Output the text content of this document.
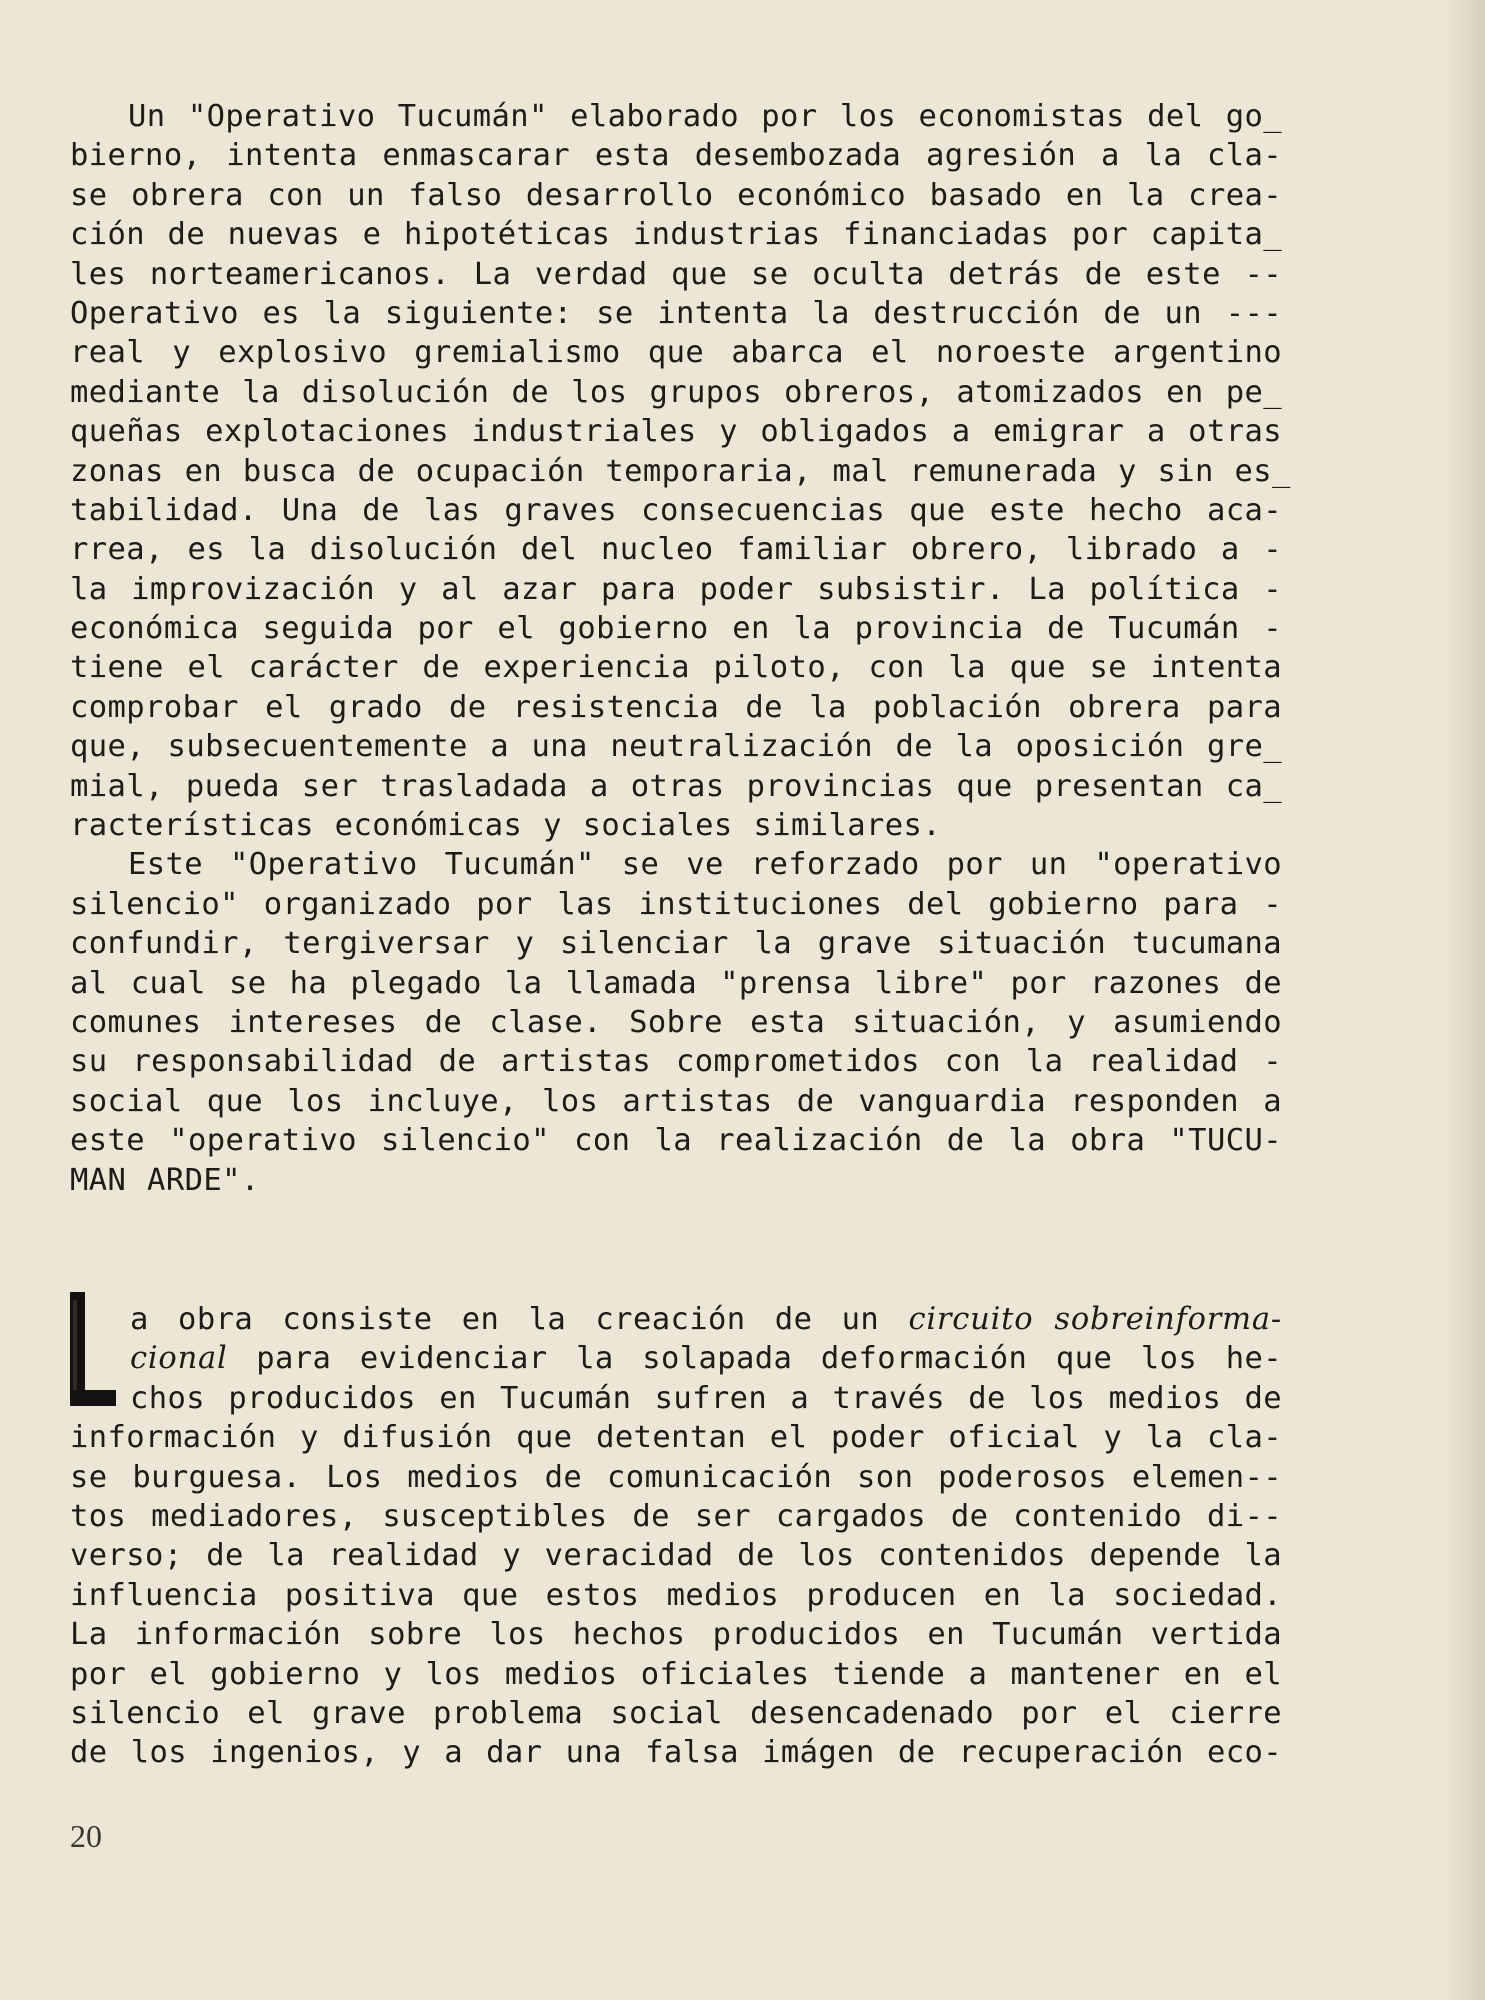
Un "Operativo Tucumán" elaborado por los economistas del go_
bierno, intenta enmascarar esta desembozada agresión a la cla-
se obrera con un falso desarrollo económico basado en la crea-
ción de nuevas e hipotéticas industrias financiadas por capita_
les norteamericanos. La verdad que se oculta detrás de este --
Operativo es la siguiente: se intenta la destrucción de un ---
real y explosivo gremialismo que abarca el noroeste argentino
mediante la disolución de los grupos obreros, atomizados en pe_
queñas explotaciones industriales y obligados a emigrar a otras
zonas en busca de ocupación temporaria, mal remunerada y sin es_
tabilidad. Una de las graves consecuencias que este hecho aca-
rrea, es la disolución del nucleo familiar obrero, librado a -
la improvización y al azar para poder subsistir. La política -
económica seguida por el gobierno en la provincia de Tucumán -
tiene el carácter de experiencia piloto, con la que se intenta
comprobar el grado de resistencia de la población obrera para
que, subsecuentemente a una neutralización de la oposición gre_
mial, pueda ser trasladada a otras provincias que presentan ca_
racterísticas económicas y sociales similares.
Este "Operativo Tucumán" se ve reforzado por un "operativo
silencio" organizado por las instituciones del gobierno para -
confundir, tergiversar y silenciar la grave situación tucumana
al cual se ha plegado la llamada "prensa libre" por razones de
comunes intereses de clase. Sobre esta situación, y asumiendo
su responsabilidad de artistas comprometidos con la realidad -
social que los incluye, los artistas de vanguardia responden a
este "operativo silencio" con la realización de la obra "TUCU-
MAN ARDE".
a obra consiste en la creación de un circuito sobreinforma-
cional para evidenciar la solapada deformación que los he-
chos producidos en Tucumán sufren a través de los medios de
información y difusión que detentan el poder oficial y la cla-
se burguesa. Los medios de comunicación son poderosos elemen--
tos mediadores, susceptibles de ser cargados de contenido di--
verso; de la realidad y veracidad de los contenidos depende la
influencia positiva que estos medios producen en la sociedad.
La información sobre los hechos producidos en Tucumán vertida
por el gobierno y los medios oficiales tiende a mantener en el
silencio el grave problema social desencadenado por el cierre
de los ingenios, y a dar una falsa imágen de recuperación eco-
20
